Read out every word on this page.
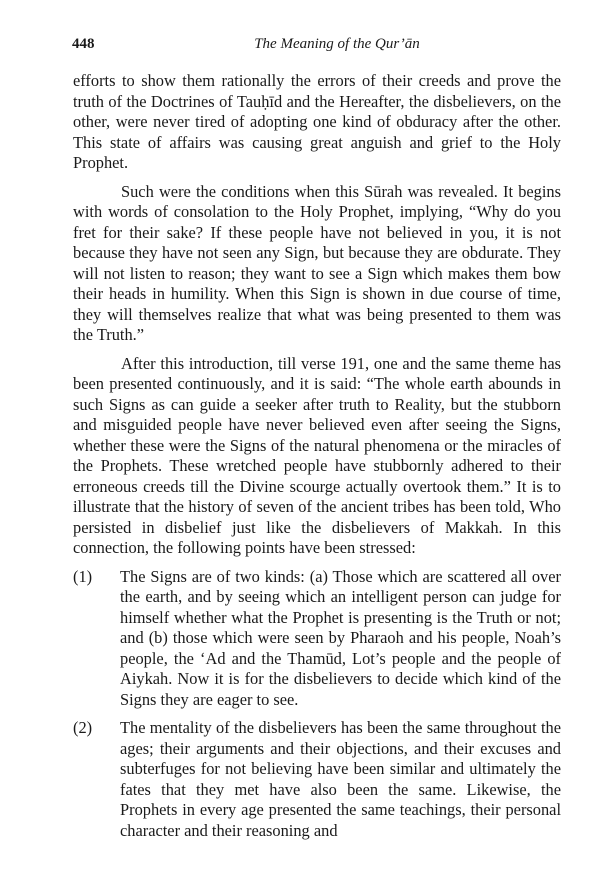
448	The Meaning of the Qur’ān

efforts to show them rationally the errors of their creeds and prove the truth of the Doctrines of Tauḥīd and the Hereafter, the disbelievers, on the other, were never tired of adopting one kind of obduracy after the other. This state of affairs was causing great anguish and grief to the Holy Prophet.

Such were the conditions when this Sūrah was revealed. It begins with words of consolation to the Holy Prophet, implying, “Why do you fret for their sake? If these people have not believed in you, it is not because they have not seen any Sign, but because they are obdurate. They will not listen to reason; they want to see a Sign which makes them bow their heads in humility. When this Sign is shown in due course of time, they will themselves realize that what was being presented to them was the Truth.”

After this introduction, till verse 191, one and the same theme has been presented continuously, and it is said: “The whole earth abounds in such Signs as can guide a seeker after truth to Reality, but the stubborn and misguided people have never believed even after seeing the Signs, whether these were the Signs of the natural phenomena or the miracles of the Prophets. These wretched people have stubbornly adhered to their erroneous creeds till the Divine scourge actually overtook them.” It is to illustrate that the history of seven of the ancient tribes has been told, Who persisted in disbelief just like the disbelievers of Makkah. In this connection, the following points have been stressed:

(1) The Signs are of two kinds: (a) Those which are scattered all over the earth, and by seeing which an intelligent person can judge for himself whether what the Prophet is presenting is the Truth or not; and (b) those which were seen by Pharaoh and his people, Noah’s people, the ‘Ad and the Thamūd, Lot’s people and the people of Aiykah. Now it is for the disbelievers to decide which kind of the Signs they are eager to see.

(2) The mentality of the disbelievers has been the same throughout the ages; their arguments and their objections, and their excuses and subterfuges for not believing have been similar and ultimately the fates that they met have also been the same. Likewise, the Prophets in every age presented the same teachings, their personal character and their reasoning and
